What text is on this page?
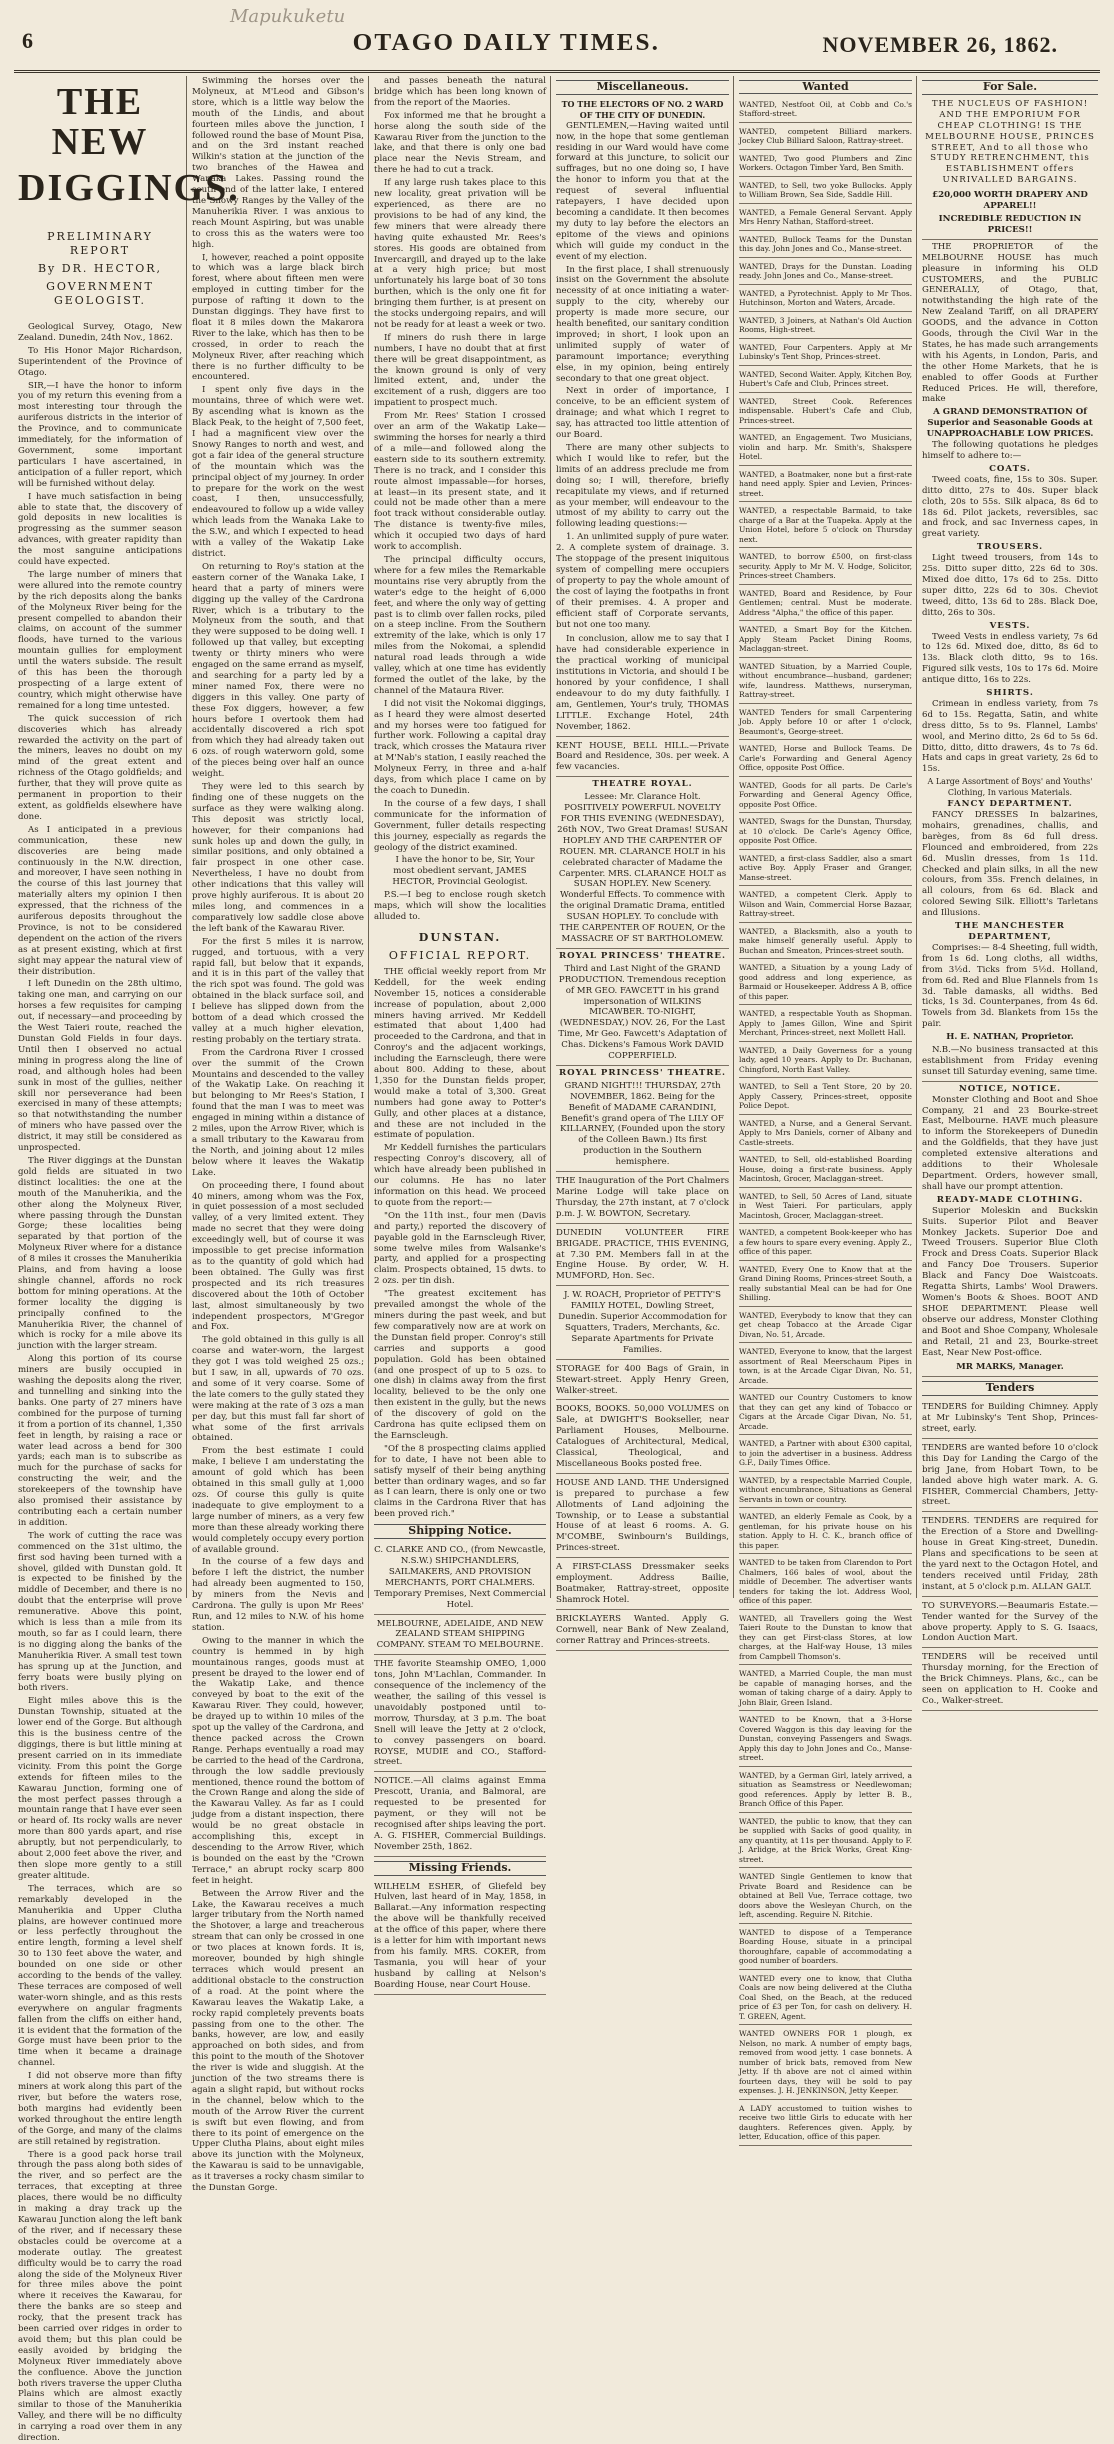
6
Mapukuketu
OTAGO DAILY TIMES.	NOVEMBER 26, 1862.
THE NEW
DIGGINGS.
PRELIMINARY REPORT
By DR. HECTOR,
GOVERNMENT GEOLOGIST.

Geological Survey, Otago, New Zealand. Dunedin, 24th Nov., 1862.

To His Honor Major Richardson, Superintendent of the Province of Otago.

SIR,—I have the honor to inform you of my return this evening from a most interesting tour through the auriferous districts in the interior of the Province, and to communicate immediately, for the information of Government, some important particulars I have ascertained, in anticipation of a fuller report, which will be furnished without delay.

I have much satisfaction in being able to state that, the discovery of gold deposits in new localities is progressing as the summer season advances, with greater rapidity than the most sanguine anticipations could have expected.

The large number of miners that were allured into the remote country by the rich deposits along the banks of the Molyneux River being for the present compelled to abandon their claims, on account of the summer floods, have turned to the various mountain gullies for employment until the waters subside. The result of this has been the thorough prospecting of a large extent of country, which might otherwise have remained for a long time untested.

The quick succession of rich discoveries which has already rewarded the activity on the part of the miners, leaves no doubt on my mind of the great extent and richness of the Otago goldfields; and further, that they will prove quite as permanent in proportion to their extent, as goldfields elsewhere have done.

As I anticipated in a previous communication, these new discoveries are being made continuously in the N.W. direction, and moreover, I have seen nothing in the course of this last journey that materially alters my opinion I then expressed, that the richness of the auriferous deposits throughout the Province, is not to be considered dependent on the action of the rivers as at present existing, which at first sight may appear the natural view of their distribution.

I left Dunedin on the 28th ultimo, taking one man, and carrying on our horses a few requisites for camping out, if necessary—and proceeding by the West Taieri route, reached the Dunstan Gold Fields in four days. Until then I observed no actual mining in progress along the line of road, and although holes had been sunk in most of the gullies, neither skill nor perseverance had been exercised in many of these attempts; so that notwithstanding the number of miners who have passed over the district, it may still be considered as unprospected.

The River diggings at the Dunstan gold fields are situated in two distinct localities: the one at the mouth of the Manuherikia, and the other along the Molyneux River, where passing through the Dunstan Gorge; these localities being separated by that portion of the Molyneux River where for a distance of 8 miles it crosses the Manuherikia Plains, and from having a loose shingle channel, affords no rock bottom for mining operations. At the former locality the digging is principally confined to the Manuherikia River, the channel of which is rocky for a mile above its junction with the larger stream.

Along this portion of its course miners are busily occupied in washing the deposits along the river, and tunnelling and sinking into the banks. One party of 27 miners have combined for the purpose of turning it from a portion of its channel, 1,350 feet in length, by raising a race or water lead across a bend for 300 yards; each man is to subscribe as much for the purchase of sacks for constructing the weir, and the storekeepers of the township have also promised their assistance by contributing each a certain number in addition.

The work of cutting the race was commenced on the 31st ultimo, the first sod having been turned with a shovel, gilded with Dunstan gold. It is expected to be finished by the middle of December, and there is no doubt that the enterprise will prove remunerative. Above this point, which is less than a mile from its mouth, so far as I could learn, there is no digging along the banks of the Manuherikia River. A small test town has sprung up at the Junction, and ferry boats were busily plying on both rivers.

Eight miles above this is the Dunstan Township, situated at the lower end of the Gorge. But although this is the business centre of the diggings, there is but little mining at present carried on in its immediate vicinity. From this point the Gorge extends for fifteen miles to the Kawarau Junction, forming one of the most perfect passes through a mountain range that I have ever seen or heard of. Its rocky walls are never more than 800 yards apart, and rise abruptly, but not perpendicularly, to about 2,000 feet above the river, and then slope more gently to a still greater altitude.

The terraces, which are so remarkably developed in the Manuherikia and Upper Clutha plains, are however continued more or less perfectly throughout the entire length, forming a level shelf 30 to 130 feet above the water, and bounded on one side or other according to the bends of the valley. These terraces are composed of well water-worn shingle, and as this rests everywhere on angular fragments fallen from the cliffs on either hand, it is evident that the formation of the Gorge must have been prior to the time when it became a drainage channel.

I did not observe more than fifty miners at work along this part of the river, but before the waters rose, both margins had evidently been worked throughout the entire length of the Gorge, and many of the claims are still retained by registration.

There is a good pack horse trail through the pass along both sides of the river, and so perfect are the terraces, that excepting at three places, there would be no difficulty in making a dray track up the Kawarau Junction along the left bank of the river, and if necessary these obstacles could be overcome at a moderate outlay. The greatest difficulty would be to carry the road along the side of the Molyneux River for three miles above the point where it receives the Kawarau, for there the banks are so steep and rocky, that the present track has been carried over ridges in order to avoid them; but this plan could be easily avoided by bridging the Molyneux River immediately above the confluence. Above the junction both rivers traverse the upper Clutha Plains which are almost exactly similar to those of the Manuherikia Valley, and there will be no difficulty in carrying a road over them in any direction.

Swimming the horses over the Molyneux, at M'Leod and Gibson's store, which is a little way below the mouth of the Lindis, and about fourteen miles above the junction, I followed round the base of Mount Pisa, and on the 3rd instant reached Wilkin's station at the junction of the two branches of the Hawea and Wanaka Lakes. Passing round the south end of the latter lake, I entered the Snowy Ranges by the Valley of the Manuherikia River. I was anxious to reach Mount Aspiring, but was unable to cross this as the waters were too high.

I, however, reached a point opposite to which was a large black birch forest, where about fifteen men were employed in cutting timber for the purpose of rafting it down to the Dunstan diggings. They have first to float it 8 miles down the Makarora River to the lake, which has then to be crossed, in order to reach the Molyneux River, after reaching which there is no further difficulty to be encountered.

I spent only five days in the mountains, three of which were wet. By ascending what is known as the Black Peak, to the height of 7,500 feet, I had a magnificent view over the Snowy Ranges to north and west, and got a fair idea of the general structure of the mountain which was the principal object of my journey. In order to prepare for the work on the west coast, I then, unsuccessfully, endeavoured to follow up a wide valley which leads from the Wanaka Lake to the S.W., and which I expected to head with a valley of the Wakatip Lake district.

On returning to Roy's station at the eastern corner of the Wanaka Lake, I heard that a party of miners were digging up the valley of the Cardrona River, which is a tributary to the Molyneux from the south, and that they were supposed to be doing well. I followed up that valley, but excepting twenty or thirty miners who were engaged on the same errand as myself, and searching for a party led by a miner named Fox, there were no diggers in this valley. One party of these Fox diggers, however, a few hours before I overtook them had accidentally discovered a rich spot from which they had already taken out 6 ozs. of rough waterworn gold, some of the pieces being over half an ounce weight.

They were led to this search by finding one of these nuggets on the surface as they were walking along. This deposit was strictly local, however, for their companions had sunk holes up and down the gully, in similar positions, and only obtained a fair prospect in one other case. Nevertheless, I have no doubt from other indications that this valley will prove highly auriferous. It is about 20 miles long, and commences in a comparatively low saddle close above the left bank of the Kawarau River.

For the first 5 miles it is narrow, rugged, and tortuous, with a very rapid fall, but below that it expands, and it is in this part of the valley that the rich spot was found. The gold was obtained in the black surface soil, and I believe has slipped down from the bottom of a dead which crossed the valley at a much higher elevation, resting probably on the tertiary strata.

From the Cardrona River I crossed over the summit of the Crown Mountains and descended to the valley of the Wakatip Lake. On reaching it but belonging to Mr Rees's Station, I found that the man I was to meet was engaged in mining within a distance of 2 miles, upon the Arrow River, which is a small tributary to the Kawarau from the North, and joining about 12 miles below where it leaves the Wakatip Lake.

On proceeding there, I found about 40 miners, among whom was the Fox, in quiet possession of a most secluded valley, of a very limited extent. They made no secret that they were doing exceedingly well, but of course it was impossible to get precise information as to the quantity of gold which had been obtained. The Gully was first prospected and its rich treasures discovered about the 10th of October last, almost simultaneously by two independent prospectors, M'Gregor and Fox.

The gold obtained in this gully is all coarse and water-worn, the largest they got I was told weighed 25 ozs.; but I saw, in all, upwards of 70 ozs. and some of it very coarse. Some of the late comers to the gully stated they were making at the rate of 3 ozs a man per day, but this must fall far short of what some of the first arrivals obtained.

From the best estimate I could make, I believe I am understating the amount of gold which has been obtained in this small gully at 1,000 ozs. Of course this gully is quite inadequate to give employment to a large number of miners, as a very few more than these already working there would completely occupy every portion of available ground.

In the course of a few days and before I left the district, the number had already been augmented to 150, by miners from the Nevis and Cardrona. The gully is upon Mr Rees' Run, and 12 miles to N.W. of his home station.

Owing to the manner in which the country is hemmed in by high mountainous ranges, goods must at present be drayed to the lower end of the Wakatip Lake, and thence conveyed by boat to the exit of the Kawarau River. They could, however, be drayed up to within 10 miles of the spot up the valley of the Cardrona, and thence packed across the Crown Range. Perhaps eventually a road may be carried to the head of the Cardrona, through the low saddle previously mentioned, thence round the bottom of the Crown Range and along the side of the Kawarau Valley. As far as I could judge from a distant inspection, there would be no great obstacle in accomplishing this, except in descending to the Arrow River, which is bounded on the east by the "Crown Terrace," an abrupt rocky scarp 800 feet in height.

Between the Arrow River and the Lake, the Kawarau receives a much larger tributary from the North named the Shotover, a large and treacherous stream that can only be crossed in one or two places at known fords. It is, moreover, bounded by high shingle terraces which would present an additional obstacle to the construction of a road. At the point where the Kawarau leaves the Wakatip Lake, a rocky rapid completely prevents boats passing from one to the other. The banks, however, are low, and easily approached on both sides, and from this point to the mouth of the Shotover the river is wide and sluggish. At the junction of the two streams there is again a slight rapid, but without rocks in the channel, below which to the mouth of the Arrow River the current is swift but even flowing, and from there to its point of emergence on the Upper Clutha Plains, about eight miles above its junction with the Molyneux, the Kawarau is said to be unnavigable, as it traverses a rocky chasm similar to the Dunstan Gorge.

and passes beneath the natural bridge which has been long known of from the report of the Maories.

Fox informed me that he brought a horse along the south side of the Kawarau River from the junction to the lake, and that there is only one bad place near the Nevis Stream, and there he had to cut a track.

If any large rush takes place to this new locality, great privation will be experienced, as there are no provisions to be had of any kind, the few miners that were already there having quite exhausted Mr. Rees's stores. His goods are obtained from Invercargill, and drayed up to the lake at a very high price; but most unfortunately his large boat of 30 tons burthen, which is the only one fit for bringing them further, is at present on the stocks undergoing repairs, and will not be ready for at least a week or two.

If miners do rush there in large numbers, I have no doubt that at first there will be great disappointment, as the known ground is only of very limited extent, and, under the excitement of a rush, diggers are too impatient to prospect much.

From Mr. Rees' Station I crossed over an arm of the Wakatip Lake—swimming the horses for nearly a third of a mile—and followed along the eastern side to its southern extremity. There is no track, and I consider this route almost impassable—for horses, at least—in its present state, and it could not be made other than a mere foot track without considerable outlay. The distance is twenty-five miles, which it occupied two days of hard work to accomplish.

The principal difficulty occurs, where for a few miles the Remarkable mountains rise very abruptly from the water's edge to the height of 6,000 feet, and where the only way of getting past is to climb over fallen rocks, piled on a steep incline. From the Southern extremity of the lake, which is only 17 miles from the Nokomai, a splendid natural road leads through a wide valley, which at one time has evidently formed the outlet of the lake, by the channel of the Mataura River.

I did not visit the Nokomai diggings, as I heard they were almost deserted and my horses were too fatigued for further work. Following a capital dray track, which crosses the Mataura river at M'Nab's station, I easily reached the Molyneux Ferry, in three and a-half days, from which place I came on by the coach to Dunedin.

In the course of a few days, I shall communicate for the information of Government, fuller details respecting this journey, especially as regards the geology of the district examined.

I have the honor to be, Sir, Your most obedient servant, JAMES HECTOR, Provincial Geologist.

P.S.—I beg to enclose rough sketch maps, which will show the localities alluded to.

DUNSTAN.
OFFICIAL REPORT.

THE official weekly report from Mr Keddell, for the week ending November 15, notices a considerable increase of population, about 2,000 miners having arrived. Mr Keddell estimated that about 1,400 had proceeded to the Cardrona, and that in Conroy's and the adjacent workings, including the Earnscleugh, there were about 800. Adding to these, about 1,350 for the Dunstan fields proper, would make a total of 3,300. Great numbers had gone away to Potter's Gully, and other places at a distance, and these are not included in the estimate of population.

Mr Keddell furnishes the particulars respecting Conroy's discovery, all of which have already been published in our columns. He has no later information on this head. We proceed to quote from the report:—

"On the 11th inst., four men (Davis and party,) reported the discovery of payable gold in the Earnscleugh River, some twelve miles from Walsanke's party, and applied for a prospecting claim. Prospects obtained, 15 dwts. to 2 ozs. per tin dish.

"The greatest excitement has prevailed amongst the whole of the miners during the past week, and but few comparatively now are at work on the Dunstan field proper. Conroy's still carries and supports a good population. Gold has been obtained (and one prospect of up to 5 ozs. to one dish) in claims away from the first locality, believed to be the only one then existent in the gully, but the news of the discovery of gold on the Cardrona has quite eclipsed them on the Earnscleugh.

"Of the 8 prospecting claims applied for to date, I have not been able to satisfy myself of their being anything better than ordinary wages, and so far as I can learn, there is only one or two claims in the Cardrona River that has been proved rich."

Shipping Notice.
C. CLARKE AND CO., (from Newcastle, N.S.W.) SHIPCHANDLERS, SAILMAKERS, AND PROVISION MERCHANTS, PORT CHALMERS. Temporary Premises, Next Commercial Hotel.
MELBOURNE, ADELAIDE, AND NEW ZEALAND STEAM SHIPPING COMPANY. STEAM TO MELBOURNE.
THE favorite Steamship OMEO, 1,000 tons, John M'Lachlan, Commander. In consequence of the inclemency of the weather, the sailing of this vessel is unavoidably postponed until to-morrow, Thursday, at 3 p.m. The boat Snell will leave the Jetty at 2 o'clock, to convey passengers on board. ROYSE, MUDIE and CO., Stafford-street.
NOTICE.—All claims against Emma Prescott, Urania, and Balmoral, are requested to be presented for payment, or they will not be recognised after ships leaving the port. A. G. FISHER, Commercial Buildings. November 25th, 1862.
Missing Friends.
WILHELM ESHER, of Gliefeld bey Hulven, last heard of in May, 1858, in Ballarat.—Any information respecting the above will be thankfully received at the office of this paper, where there is a letter for him with important news from his family. MRS. COKER, from Tasmania, you will hear of your husband by calling at Nelson's Boarding House, near Court House.
Miscellaneous.
TO THE ELECTORS OF NO. 2 WARD OF THE CITY OF DUNEDIN.

GENTLEMEN,—Having waited until now, in the hope that some gentleman residing in our Ward would have come forward at this juncture, to solicit our suffrages, but no one doing so, I have the honor to inform you that at the request of several influential ratepayers, I have decided upon becoming a candidate. It then becomes my duty to lay before the electors an epitome of the views and opinions which will guide my conduct in the event of my election.

In the first place, I shall strenuously insist on the Government the absolute necessity of at once initiating a water-supply to the city, whereby our property is made more secure, our health benefited, our sanitary condition improved; in short, I look upon an unlimited supply of water of paramount importance; everything else, in my opinion, being entirely secondary to that one great object.

Next in order of importance, I conceive, to be an efficient system of drainage; and what which I regret to say, has attracted too little attention of our Board.

There are many other subjects to which I would like to refer, but the limits of an address preclude me from doing so; I will, therefore, briefly recapitulate my views, and if returned as your member, will endeavour to the utmost of my ability to carry out the following leading questions:—

1. An unlimited supply of pure water. 2. A complete system of drainage. 3. The stoppage of the present iniquitous system of compelling mere occupiers of property to pay the whole amount of the cost of laying the footpaths in front of their premises. 4. A proper and efficient staff of Corporate servants, but not one too many.

In conclusion, allow me to say that I have had considerable experience in the practical working of municipal institutions in Victoria, and should I be honored by your confidence, I shall endeavour to do my duty faithfully. I am, Gentlemen, Your's truly, THOMAS LITTLE. Exchange Hotel, 24th November, 1862.

KENT HOUSE, BELL HILL.—Private Board and Residence, 30s. per week. A few vacancies.
THEATRE ROYAL.
Lessee: Mr. Clarance Holt. POSITIVELY POWERFUL NOVELTY FOR THIS EVENING (WEDNESDAY), 26th NOV., Two Great Dramas! SUSAN HOPLEY AND THE CARPENTER OF ROUEN. MR. CLARANCE HOLT in his celebrated character of Madame the Carpenter. MRS. CLARANCE HOLT as SUSAN HOPLEY. New Scenery. Wonderful Effects. To commence with the original Dramatic Drama, entitled SUSAN HOPLEY. To conclude with THE CARPENTER OF ROUEN, Or the MASSACRE OF ST BARTHOLOMEW.
ROYAL PRINCESS' THEATRE.
Third and Last Night of the GRAND PRODUCTION. Tremendous reception of MR GEO. FAWCETT in his grand impersonation of WILKINS MICAWBER. TO-NIGHT, (WEDNESDAY,) NOV. 26, For the Last Time, Mr Geo. Fawcett's Adaptation of Chas. Dickens's Famous Work DAVID COPPERFIELD.
ROYAL PRINCESS' THEATRE.
GRAND NIGHT!!! THURSDAY, 27th NOVEMBER, 1862. Being for the Benefit of MADAME CARANDINI, Benefit's grand opera of The LILY OF KILLARNEY, (Founded upon the story of the Colleen Bawn.) Its first production in the Southern hemisphere.
THE Inauguration of the Port Chalmers Marine Lodge will take place on Thursday, the 27th instant, at 7 o'clock p.m. J. W. BOWTON, Secretary.
DUNEDIN VOLUNTEER FIRE BRIGADE. PRACTICE, THIS EVENING, at 7.30 P.M. Members fall in at the Engine House. By order, W. H. MUMFORD, Hon. Sec.
J. W. ROACH, Proprietor of PETTY'S FAMILY HOTEL, Dowling Street, Dunedin. Superior Accommodation for Squatters, Traders, Merchants, &c. Separate Apartments for Private Families.
STORAGE for 400 Bags of Grain, in Stewart-street. Apply Henry Green, Walker-street.
BOOKS, BOOKS. 50,000 VOLUMES on Sale, at DWIGHT'S Bookseller, near Parliament Houses, Melbourne. Catalogues of Architectural, Medical, Classical, Theological, and Miscellaneous Books posted free.
HOUSE AND LAND. THE Undersigned is prepared to purchase a few Allotments of Land adjoining the Township, or to Lease a substantial House of at least 6 rooms. A. G. M'COMBE, Swinbourn's Buildings, Princes-street.
A FIRST-CLASS Dressmaker seeks employment. Address Bailie, Boatmaker, Rattray-street, opposite Shamrock Hotel.
BRICKLAYERS Wanted. Apply G. Cornwell, near Bank of New Zealand, corner Rattray and Princes-streets.
Wanted
WANTED, Nestfoot Oil, at Cobb and Co.'s Stafford-street.
WANTED, competent Billiard markers. Jockey Club Billiard Saloon, Rattray-street.
WANTED, Two good Plumbers and Zinc Workers. Octagon Timber Yard, Ben Smith.
WANTED, to Sell, two yoke Bullocks. Apply to William Brown, Sea Side, Saddle Hill.
WANTED, a Female General Servant. Apply Mrs Henry Nathan, Stafford-street.
WANTED, Bullock Teams for the Dunstan this day. John Jones and Co., Manse-street.
WANTED, Drays for the Dunstan. Loading ready. John Jones and Co., Manse-street.
WANTED, a Pyrotechnist. Apply to Mr Thos. Hutchinson, Morton and Waters, Arcade.
WANTED, 3 Joiners, at Nathan's Old Auction Rooms, High-street.
WANTED, Four Carpenters. Apply at Mr Lubinsky's Tent Shop, Princes-street.
WANTED, Second Waiter. Apply, Kitchen Boy, Hubert's Cafe and Club, Princes street.
WANTED, Street Cook. References indispensable. Hubert's Cafe and Club, Princes-street.
WANTED, an Engagement. Two Musicians, violin and harp. Mr. Smith's, Shakspere Hotel.
WANTED, a Boatmaker, none but a first-rate hand need apply. Spier and Levien, Princes-street.
WANTED, a respectable Barmaid, to take charge of a Bar at the Tuapeka. Apply at the Union Hotel, before 5 o'clock on Thursday next.
WANTED, to borrow £500, on first-class security. Apply to Mr M. V. Hodge, Solicitor, Princes-street Chambers.
WANTED, Board and Residence, by Four Gentlemen; central. Must be moderate. Address "Alpha," the office of this paper.
WANTED, a Smart Boy for the Kitchen. Apply Steam Packet Dining Rooms, Maclaggan-street.
WANTED Situation, by a Married Couple, without encumbrance—husband, gardener; wife, laundress. Matthews, nurseryman, Rattray-street.
WANTED Tenders for small Carpentering Job. Apply before 10 or after 1 o'clock, Beaumont's, George-street.
WANTED, Horse and Bullock Teams. De Carle's Forwarding and General Agency Office, opposite Post Office.
WANTED, Goods for all parts. De Carle's Forwarding and General Agency Office, opposite Post Office.
WANTED, Swags for the Dunstan, Thursday, at 10 o'clock. De Carle's Agency Office, opposite Post Office.
WANTED, a first-class Saddler, also a smart active Boy. Apply Fraser and Granger, Manse-street.
WANTED, a competent Clerk. Apply to Wilson and Wain, Commercial Horse Bazaar, Rattray-street.
WANTED, a Blacksmith, also a youth to make himself generally useful. Apply to Buchan and Smeaton, Princes-street south.
WANTED, a Situation by a young Lady of good address and long experience, as Barmaid or Housekeeper. Address A B, office of this paper.
WANTED, a respectable Youth as Shopman. Apply to James Gillon, Wine and Spirit Merchant, Princes-street, next Mollett Hall.
WANTED, a Daily Governess for a young lady, aged 10 years. Apply to Dr. Buchanan, Chingford, North East Valley.
WANTED, to Sell a Tent Store, 20 by 20. Apply Cassery, Princes-street, opposite Police Depot.
WANTED, a Nurse, and a General Servant. Apply to Mrs Daniels, corner of Albany and Castle-streets.
WANTED, to Sell, old-established Boarding House, doing a first-rate business. Apply Macintosh, Grocer, Maclaggan-street.
WANTED, to Sell, 50 Acres of Land, situate in West Taieri. For particulars, apply Macintosh, Grocer, Maclaggan-street.
WANTED, a competent Book-keeper who has a few hours to spare every evening. Apply Z., office of this paper.
WANTED, Every One to Know that at the Grand Dining Rooms, Princes-street South, a really substantial Meal can be had for One Shilling.
WANTED, Everybody to know that they can get cheap Tobacco at the Arcade Cigar Divan, No. 51, Arcade.
WANTED, Everyone to know, that the largest assortment of Real Meerschaum Pipes in town, is at the Arcade Cigar Divan, No. 51, Arcade.
WANTED our Country Customers to know that they can get any kind of Tobacco or Cigars at the Arcade Cigar Divan, No. 51, Arcade.
WANTED, a Partner with about £300 capital, to join the advertiser in a business. Address G.F., Daily Times Office.
WANTED, by a respectable Married Couple, without encumbrance, Situations as General Servants in town or country.
WANTED, an elderly Female as Cook, by a gentleman, for his private house on his station. Apply to H. C. K., branch office of this paper.
WANTED to be taken from Clarendon to Port Chalmers, 166 bales of wool, about the middle of December. The advertiser wants tenders for taking the lot. Address Wool, office of this paper.
WANTED, all Travellers going the West Taieri Route to the Dunstan to know that they can get First-class Stores, at low charges, at the Half-way House, 13 miles from Campbell Thomson's.
WANTED, a Married Couple, the man must be capable of managing horses, and the woman of taking charge of a dairy. Apply to John Blair, Green Island.
WANTED to be Known, that a 3-Horse Covered Waggon is this day leaving for the Dunstan, conveying Passengers and Swags. Apply this day to John Jones and Co., Manse-street.
WANTED, by a German Girl, lately arrived, a situation as Seamstress or Needlewoman; good references. Apply by letter B. B., Branch Office of this Paper.
WANTED, the public to know, that they can be supplied with Sacks of good quality, in any quantity, at 11s per thousand. Apply to F. J. Arlidge, at the Brick Works, Great King-street.
WANTED Single Gentlemen to know that Private Board and Residence can be obtained at Bell Vue, Terrace cottage, two doors above the Wesleyan Church, on the left, ascending. Reguire N. Ritchie.
WANTED to dispose of a Temperance Boarding House, situate in a principal thoroughfare, capable of accommodating a good number of boarders.
WANTED every one to know, that Clutha Coals are now being delivered at the Clutha Coal Shed, on the Beach, at the reduced price of £3 per Ton, for cash on delivery. H. T. GREEN, Agent.
WANTED OWNERS FOR 1 plough, ex Nelson, no mark. A number of empty bags, removed from wood jetty. 1 case bonnets. A number of brick bats, removed from New Jetty. If th above are not cl aimed within fourteen days, they will be sold to pay expenses. J. H. JENKINSON, Jetty Keeper.
A LADY accustomed to tuition wishes to receive two little Girls to educate with her daughters. References given. Apply, by letter, Education, office of this paper.
For Sale.
THE NUCLEUS OF FASHION! AND THE EMPORIUM FOR CHEAP CLOTHING! IS THE MELBOURNE HOUSE, PRINCES STREET, And to all those who STUDY RETRENCHMENT, this ESTABLISHMENT offers UNRIVALLED BARGAINS.
£20,000 WORTH DRAPERY AND APPAREL!!
INCREDIBLE REDUCTION IN PRICES!!

THE PROPRIETOR of the MELBOURNE HOUSE has much pleasure in informing his OLD CUSTOMERS, and the PUBLIC GENERALLY, of Otago, that, notwithstanding the high rate of the New Zealand Tariff, on all DRAPERY GOODS, and the advance in Cotton Goods, through the Civil War in the States, he has made such arrangements with his Agents, in London, Paris, and the other Home Markets, that he is enabled to offer Goods at Further Reduced Prices. He will, therefore, make

A GRAND DEMONSTRATION Of Superior and Seasonable Goods at UNAPPROACHABLE LOW PRICES.

The following quotations he pledges himself to adhere to:—

COATS.

Tweed coats, fine, 15s to 30s. Super. ditto ditto, 27s to 40s. Super black cloth, 20s to 55s. Silk alpaca, 8s 6d to 18s 6d. Pilot jackets, reversibles, sac and frock, and sac Inverness capes, in great variety.

TROUSERS.

Light tweed trousers, from 14s to 25s. Ditto super ditto, 22s 6d to 30s. Mixed doe ditto, 17s 6d to 25s. Ditto super ditto, 22s 6d to 30s. Cheviot tweed, ditto, 13s 6d to 28s. Black Doe, ditto, 26s to 30s.

VESTS.

Tweed Vests in endless variety, 7s 6d to 12s 6d. Mixed doe, ditto, 8s 6d to 13s. Black cloth ditto, 9s to 16s. Figured silk vests, 10s to 17s 6d. Moire antique ditto, 16s to 22s.

SHIRTS.

Crimean in endless variety, from 7s 6d to 15s. Regatta, Satin, and white dress ditto, 5s to 9s. Flannel, Lambs' wool, and Merino ditto, 2s 6d to 5s 6d. Ditto, ditto, ditto drawers, 4s to 7s 6d. Hats and caps in great variety, 2s 6d to 15s.

A Large Assortment of Boys' and Youths' Clothing, In various Materials.
FANCY DEPARTMENT.

FANCY DRESSES In balzarines, mohairs, grenadines, challis, and barèges, from 8s 6d full dress. Flounced and embroidered, from 22s 6d. Muslin dresses, from 1s 11d. Checked and plain silks, in all the new colours, from 35s. French delaines, in all colours, from 6s 6d. Black and colored Sewing Silk. Elliott's Tarletans and Illusions.

THE MANCHESTER DEPARTMENT,

Comprises:— 8-4 Sheeting, full width, from 1s 6d. Long cloths, all widths, from 3½d. Ticks from 5½d. Holland, from 6d. Red and Blue Flannels from 1s 3d. Table damasks, all widths. Bed ticks, 1s 3d. Counterpanes, from 4s 6d. Towels from 3d. Blankets from 15s the pair.

H. E. NATHAN, Proprietor.

N.B.—No business transacted at this establishment from Friday evening sunset till Saturday evening, same time.

NOTICE, NOTICE.

Monster Clothing and Boot and Shoe Company, 21 and 23 Bourke-street East, Melbourne. HAVE much pleasure to inform the Storekeepers of Dunedin and the Goldfields, that they have just completed extensive alterations and additions to their Wholesale Department. Orders, however small, shall have our prompt attention.

READY-MADE CLOTHING.

Superior Moleskin and Buckskin Suits. Superior Pilot and Beaver Monkey Jackets. Superior Doe and Tweed Trousers. Superior Blue Cloth Frock and Dress Coats. Superior Black and Fancy Doe Trousers. Superior Black and Fancy Doe Waistcoats. Regatta Shirts, Lambs' Wool Drawers. Women's Boots & Shoes. BOOT AND SHOE DEPARTMENT. Please well observe our address, Monster Clothing and Boot and Shoe Company, Wholesale and Retail, 21 and 23, Bourke-street East, Near New Post-office.

MR MARKS, Manager.
Tenders
TENDERS for Building Chimney. Apply at Mr Lubinsky's Tent Shop, Princes-street, early.
TENDERS are wanted before 10 o'clock this Day for Landing the Cargo of the brig Jane, from Hobart Town, to be landed above high water mark. A. G. FISHER, Commercial Chambers, Jetty-street.
TENDERS. TENDERS are required for the Erection of a Store and Dwelling-house in Great King-street, Dunedin. Plans and specifications to be seen at the yard next to the Octagon Hotel, and tenders received until Friday, 28th instant, at 5 o'clock p.m. ALLAN GALT.
TO SURVEYORS.—Beaumaris Estate.—Tender wanted for the Survey of the above property. Apply to S. G. Isaacs, London Auction Mart.
TENDERS will be received until Thursday morning, for the Erection of the Brick Chimneys. Plans, &c., can be seen on application to H. Cooke and Co., Walker-street.
